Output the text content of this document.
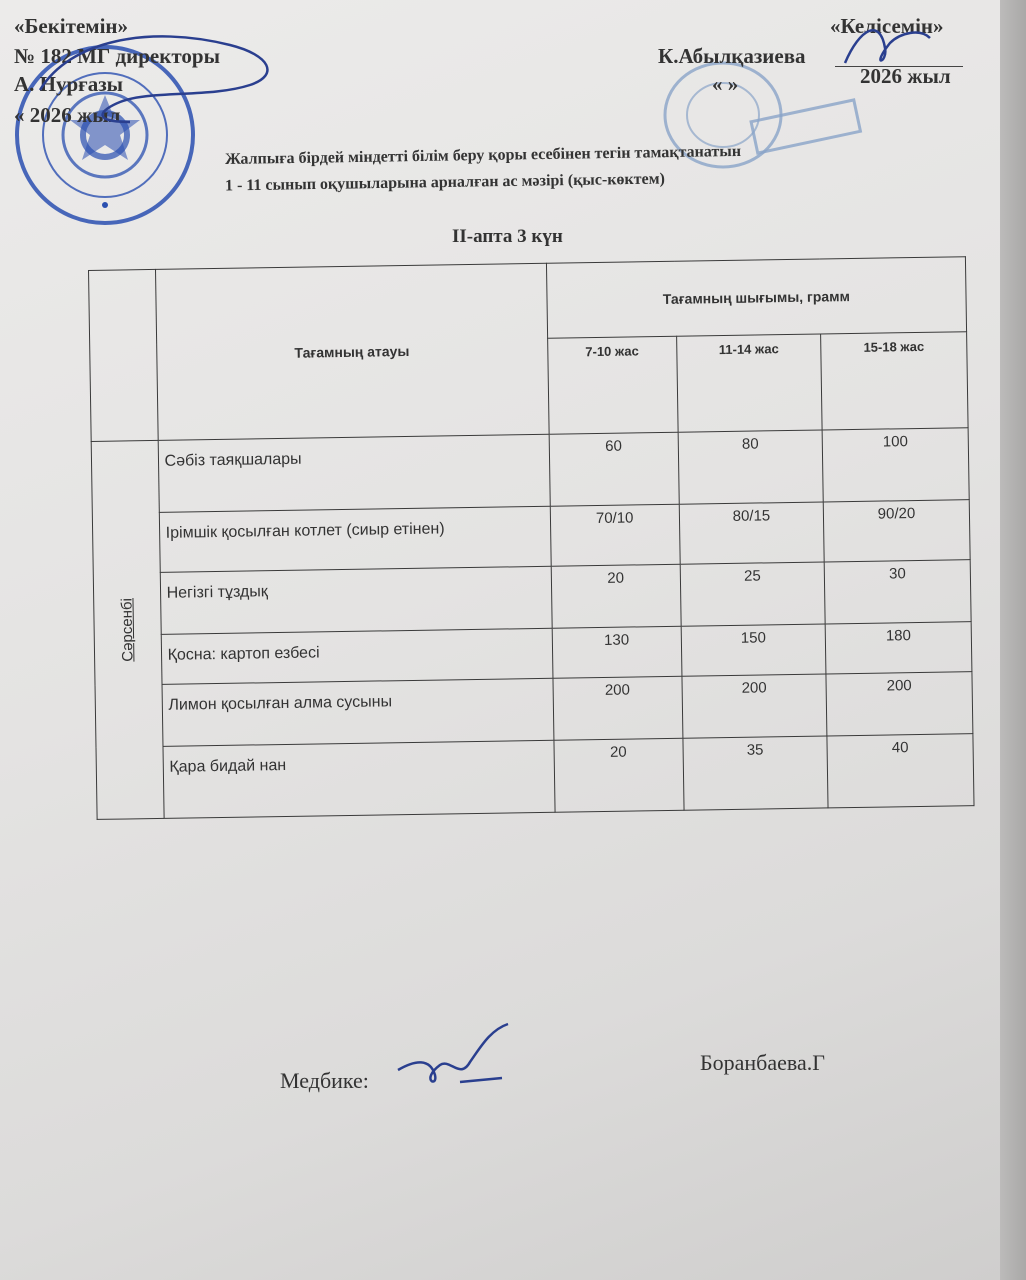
«Бекітемін»
№ 182 МГ директоры
А. Нурғазы
« 2026 жыл
«Келісемін»
К.Абылқазиева
« »	2026 жыл
Жалпыға бірдей міндетті білім беру қоры есебінен тегін тамақтанатын
1 - 11 сынып оқушыларына арналған ас мәзірі (қыс-көктем)
ІІ-апта 3 күн
	Тағамның атауы	Тағамның шығымы, грамм		
		7-10 жас	11-14 жас	15-18 жас
Сәрсенбі	Сәбіз таяқшалары	60	80	100
	Ірімшік қосылған котлет (сиыр етінен)	70/10	80/15	90/20
	Негізгі тұздық	20	25	30
	Қосна: картоп езбесі	130	150	180
	Лимон қосылған алма сусыны	200	200	200
	Қара бидай нан	20	35	40
Медбике:
Боранбаева.Г
